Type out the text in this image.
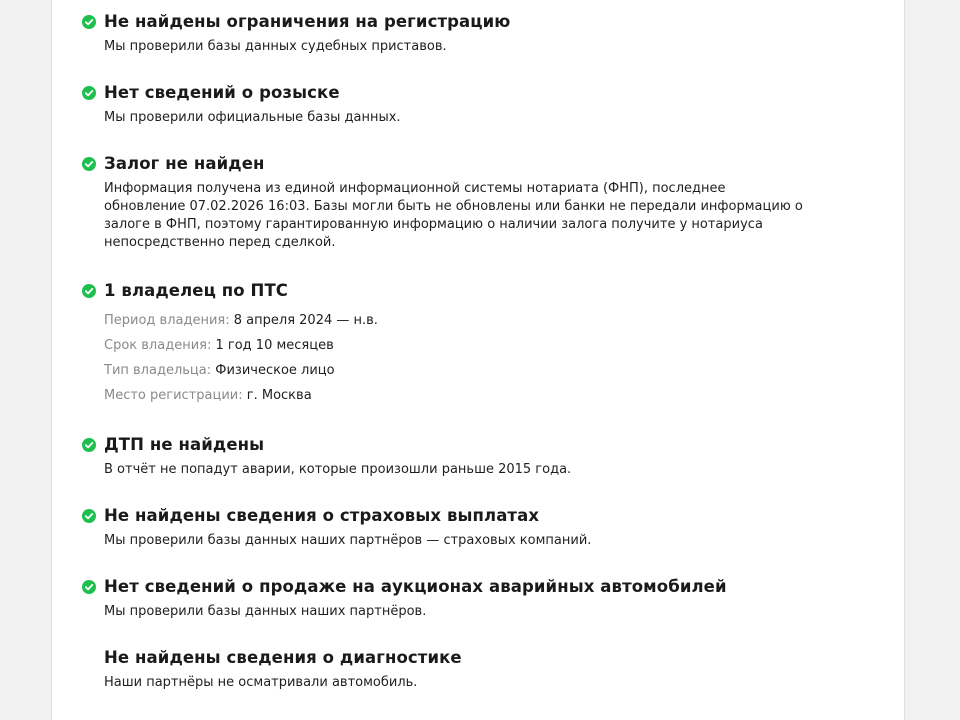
Не найдены ограничения на регистрацию

Мы проверили базы данных судебных приставов.

Нет сведений о розыске

Мы проверили официальные базы данных.

Залог не найден

Информация получена из единой информационной системы нотариата (ФНП), последнее
обновление 07.02.2026 16:03. Базы могли быть не обновлены или банки не передали информацию о
залоге в ФНП, поэтому гарантированную информацию о наличии залога получите у нотариуса
непосредственно перед сделкой.

1 владелец по ПТС
Период владения: 8 апреля 2024 — н.в.
Срок владения: 1 год 10 месяцев
Тип владельца: Физическое лицо
Место регистрации: г. Москва
ДТП не найдены

В отчёт не попадут аварии, которые произошли раньше 2015 года.

Не найдены сведения о страховых выплатах

Мы проверили базы данных наших партнёров — страховых компаний.

Нет сведений о продаже на аукционах аварийных автомобилей

Мы проверили базы данных наших партнёров.

Не найдены сведения о диагностике

Наши партнёры не осматривали автомобиль.
